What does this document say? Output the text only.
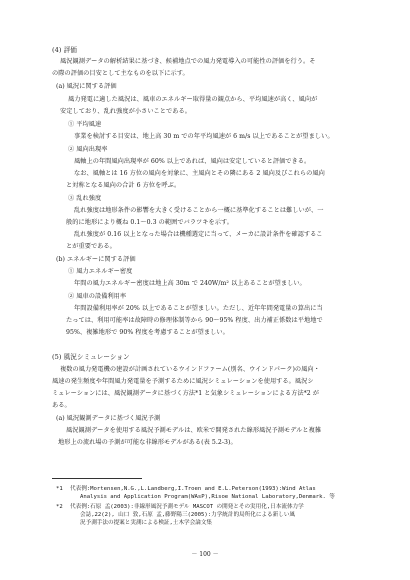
(4) 評価
風況観測データの解析結果に基づき、候補地点での風力発電導入の可能性の評価を行う。そ
の際の評価の目安として主なものを以下に示す。
(a) 風況に関する評価
風力発電に適した風況は、風車のエネルギー取得量の観点から、平均風速が高く、風向が
安定しており、乱れ強度が小さいことである。
① 平均風速
事業を検討する目安は、地上高 30 m での年平均風速が 6 m/s 以上であることが望ましい。
② 風向出現率
風軸上の年間風向出現率が 60% 以上であれば、風向は安定していると評価できる。
なお、風軸とは 16 方位の風向を対象に、主風向とその隣にある 2 風向及びこれらの風向
と対称となる風向の合計 6 方位を呼ぶ。
③ 乱れ強度
乱れ強度は地形条件の影響を大きく受けることから一概に基準化することは難しいが、一
般的に地形により概ね 0.1～0.3 の範囲でバラツキを示す。
乱れ強度が 0.16 以上となった場合は機種選定に当って、メーカに設計条件を確認するこ
とが重要である。
(b) エネルギーに関する評価
① 風力エネルギー密度
年間の風力エネルギー密度は地上高 30m で 240W/m² 以上あることが望ましい。
② 風車の設備利用率
年間設備利用率が 20% 以上であることが望ましい。ただし、近年年間発電量の算出に当
たっては、利用可能率は故障時の修理体制等から 90～95% 程度、出力補正係数は平地地で
95%、複雑地形で 90% 程度を考慮することが望ましい。
(5) 風況シミュレーション
複数の風力発電機の建設が計画されているウインドファーム(別名、ウインドパーク)の風向・
風速の発生頻度や年間風力発電量を予測するために風況シミュレーションを使用する。風況シ
ミュレーションには、風況観測データに基づく方法*1 と気象シミュレーションによる方法*2 が
ある。
(a) 風況観測データに基づく風況予測
風況観測データを使用する風況予測モデルは、欧米で開発された線形風況予測モデルと複雑
地形上の流れ場の予測が可能な非線形モデルがある(表 5.2-3)。
*1 代表例:Mortensen,N.G.,L.Landberg,I.Troen and E.L.Peterson(1993):Wind Atlas
Analysis and Application Program(WAsP),Risoe National Laboratory,Denmark. 等
*2 代表例:石原 孟(2003):非線形風況予測モデル MASCOT の開発とその実用化,日本流体力学
会誌,22(2), 山口 敦,石原 孟,藤野陽三(2005):力学統計的局所化による新しい風
況予測手法の提案と実測による検証,土木学会論文集
－ 100 －
